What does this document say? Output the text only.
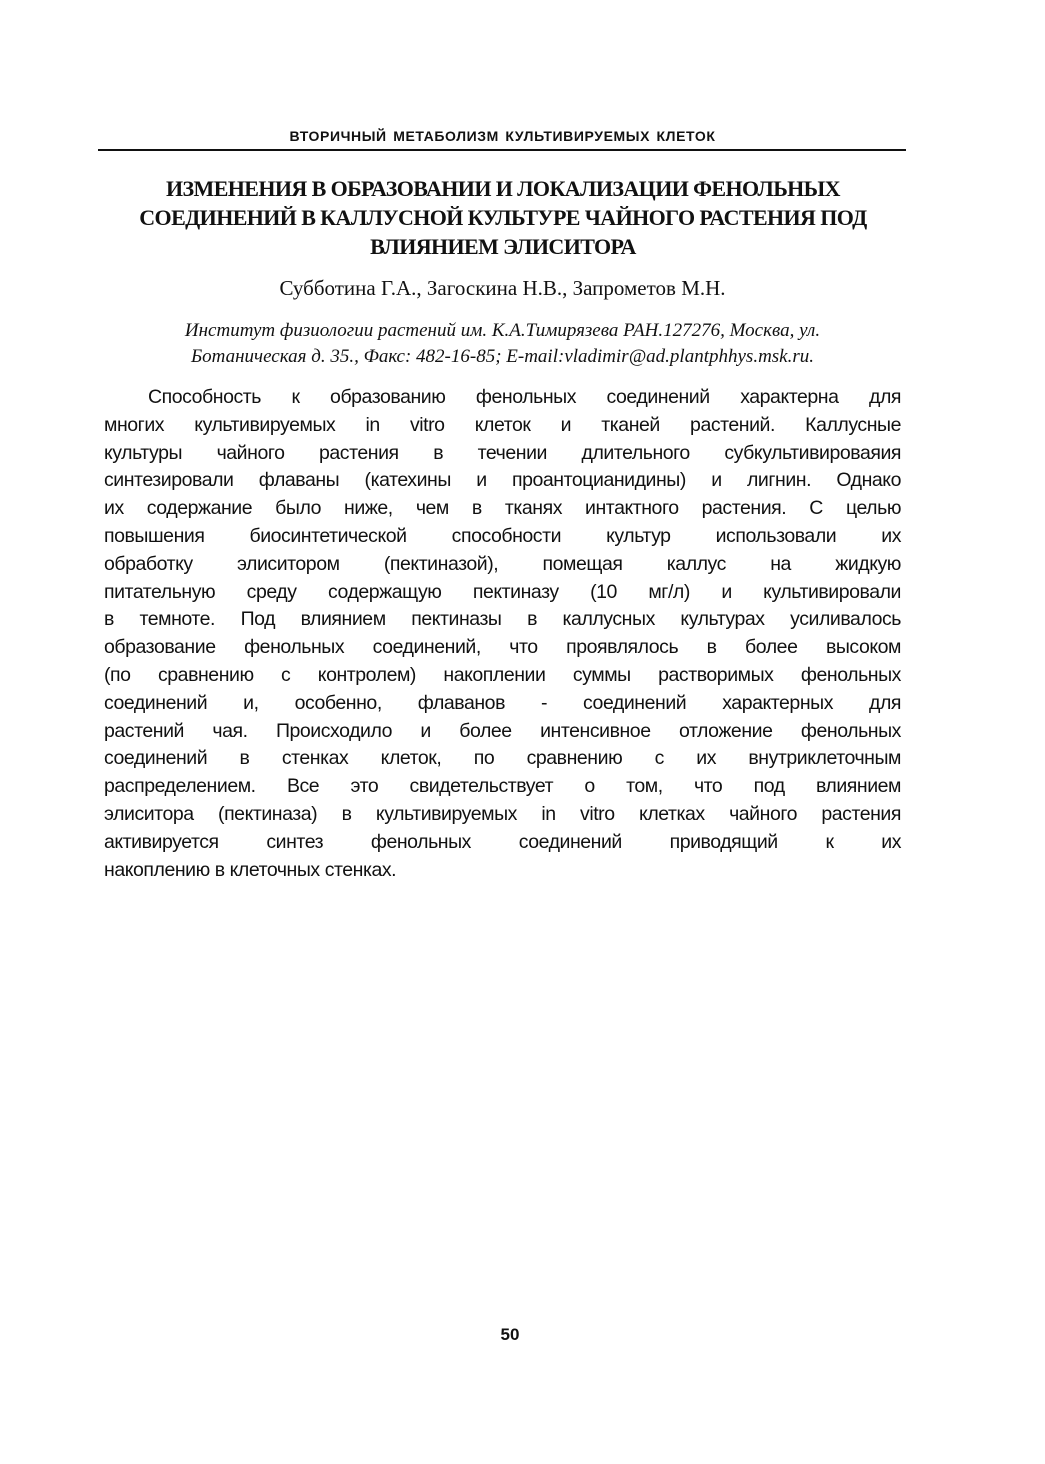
ВТОРИЧНЫЙ МЕТАБОЛИЗМ КУЛЬТИВИРУЕМЫХ КЛЕТОК
ИЗМЕНЕНИЯ В ОБРАЗОВАНИИ И ЛОКАЛИЗАЦИИ ФЕНОЛЬНЫХ
СОЕДИНЕНИЙ В КАЛЛУСНОЙ КУЛЬТУРЕ ЧАЙНОГО РАСТЕНИЯ ПОД
ВЛИЯНИЕМ ЭЛИСИТОРА
Субботина Г.А., Загоскина Н.В., Запрометов М.Н.
Институт физиологии растений им. К.А.Тимирязева РАН.127276, Москва, ул.
Ботаническая д. 35., Факс: 482-16-85; E-mail:vladimir@ad.plantphhys.msk.ru.
Способность к образованию фенольных соединений характерна для
многих культивируемых in vitro клеток и тканей растений. Каллусные
культуры чайного растения в течении длительного субкультивироваяия
синтезировали флаваны (катехины и проантоцианидины) и лигнин. Однако
их содержание было ниже, чем в тканях интактного растения. С целью
повышения биосинтетической способности культур использовали их
обработку элиситором (пектиназой), помещая каллус на жидкую
питательную среду содержащую пектиназу (10 мг/л) и культивировали
в темноте. Под влиянием пектиназы в каллусных культурах усиливалось
образование фенольных соединений, что проявлялось в более высоком
(по сравнению с контролем) накоплении суммы растворимых фенольных
соединений и, особенно, флаванов - соединений характерных для
растений чая. Происходило и более интенсивное отложение фенольных
соединений в стенках клеток, по сравнению с их внутриклеточным
распределением. Все это свидетельствует о том, что под влиянием
элиситора (пектиназа) в культивируемых in vitro клетках чайного растения
активируется синтез фенольных соединений приводящий к их
накоплению в клеточных стенках.
50
